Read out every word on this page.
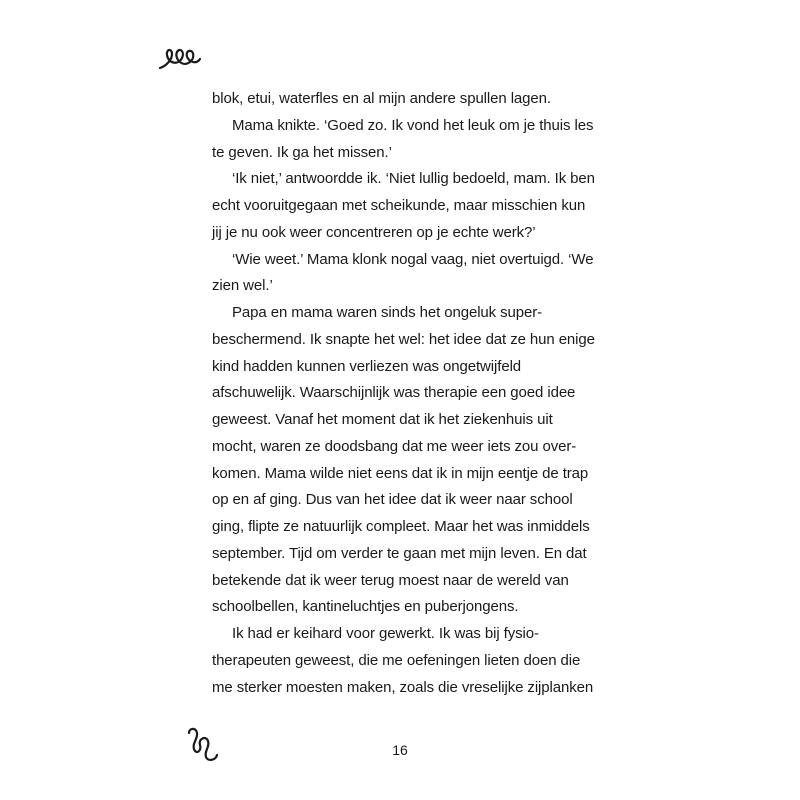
blok, etui, waterfles en al mijn andere spullen lagen.
Mama knikte. ‘Goed zo. Ik vond het leuk om je thuis les
te geven. Ik ga het missen.’
‘Ik niet,’ antwoordde ik. ‘Niet lullig bedoeld, mam. Ik ben
echt vooruitgegaan met scheikunde, maar misschien kun
jij je nu ook weer concentreren op je echte werk?’
‘Wie weet.’ Mama klonk nogal vaag, niet overtuigd. ‘We
zien wel.’
Papa en mama waren sinds het ongeluk super-
beschermend. Ik snapte het wel: het idee dat ze hun enige
kind hadden kunnen verliezen was ongetwijfeld
afschuwelijk. Waarschijnlijk was therapie een goed idee
geweest. Vanaf het moment dat ik het ziekenhuis uit
mocht, waren ze doodsbang dat me weer iets zou over-
komen. Mama wilde niet eens dat ik in mijn eentje de trap
op en af ging. Dus van het idee dat ik weer naar school
ging, flipte ze natuurlijk compleet. Maar het was inmiddels
september. Tijd om verder te gaan met mijn leven. En dat
betekende dat ik weer terug moest naar de wereld van
schoolbellen, kantineluchtjes en puberjongens.
Ik had er keihard voor gewerkt. Ik was bij fysio-
therapeuten geweest, die me oefeningen lieten doen die
me sterker moesten maken, zoals die vreselijke zijplanken
16
